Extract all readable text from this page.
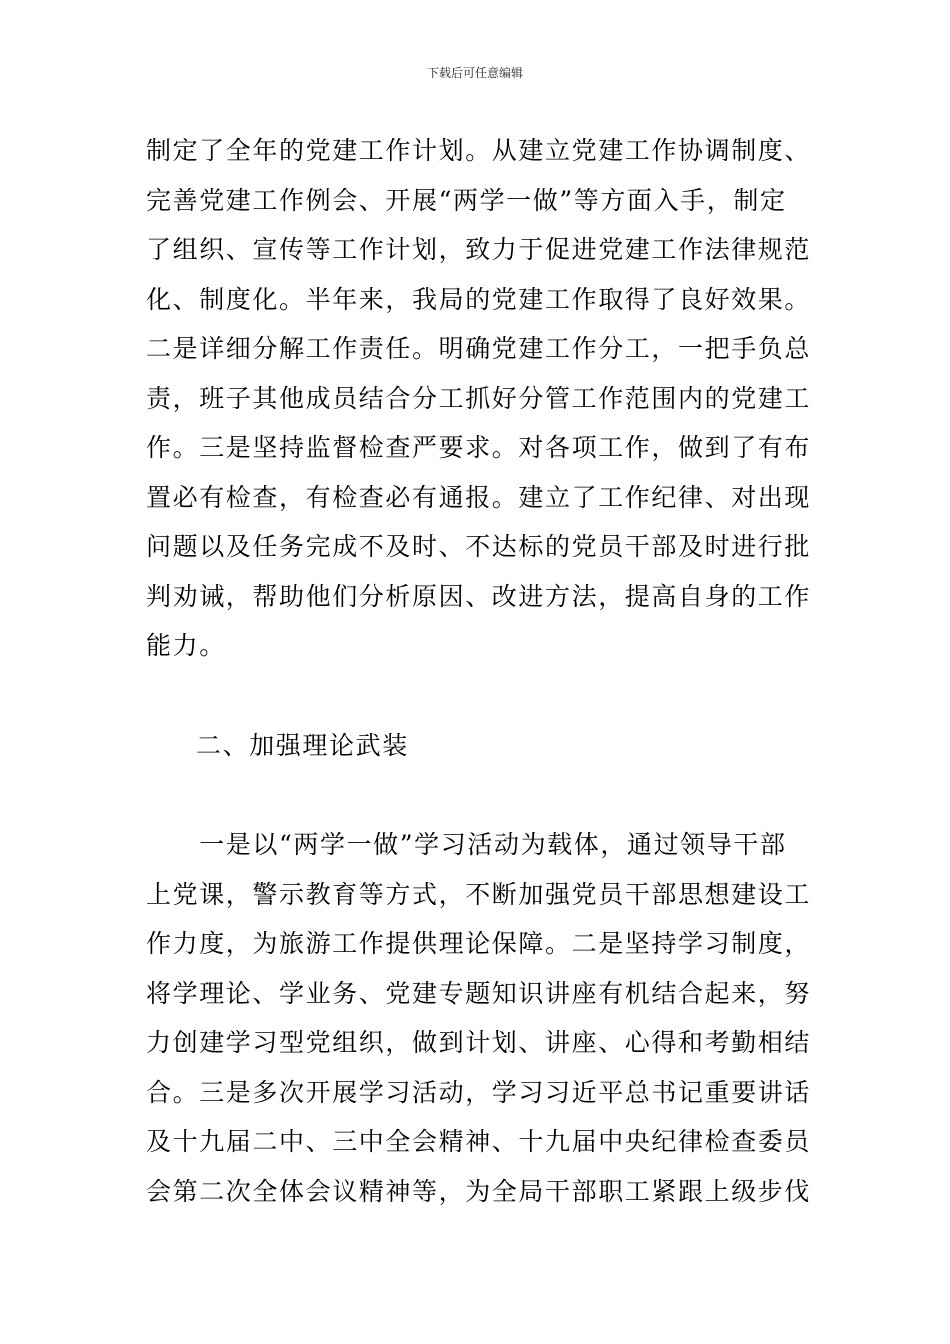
下载后可任意编辑
制定了全年的党建工作计划。从建立党建工作协调制度、
完善党建工作例会、开展“两学一做”等方面入手，制定
了组织、宣传等工作计划，致力于促进党建工作法律规范
化、制度化。半年来，我局的党建工作取得了良好效果。
二是详细分解工作责任。明确党建工作分工，一把手负总
责，班子其他成员结合分工抓好分管工作范围内的党建工
作。三是坚持监督检查严要求。对各项工作，做到了有布
置必有检查，有检查必有通报。建立了工作纪律、对出现
问题以及任务完成不及时、不达标的党员干部及时进行批
判劝诫，帮助他们分析原因、改进方法，提高自身的工作
能力。
二、加强理论武装
　　一是以“两学一做”学习活动为载体，通过领导干部
上党课，警示教育等方式，不断加强党员干部思想建设工
作力度，为旅游工作提供理论保障。二是坚持学习制度，
将学理论、学业务、党建专题知识讲座有机结合起来，努
力创建学习型党组织，做到计划、讲座、心得和考勤相结
合。三是多次开展学习活动，学习习近平总书记重要讲话
及十九届二中、三中全会精神、十九届中央纪律检查委员
会第二次全体会议精神等，为全局干部职工紧跟上级步伐
